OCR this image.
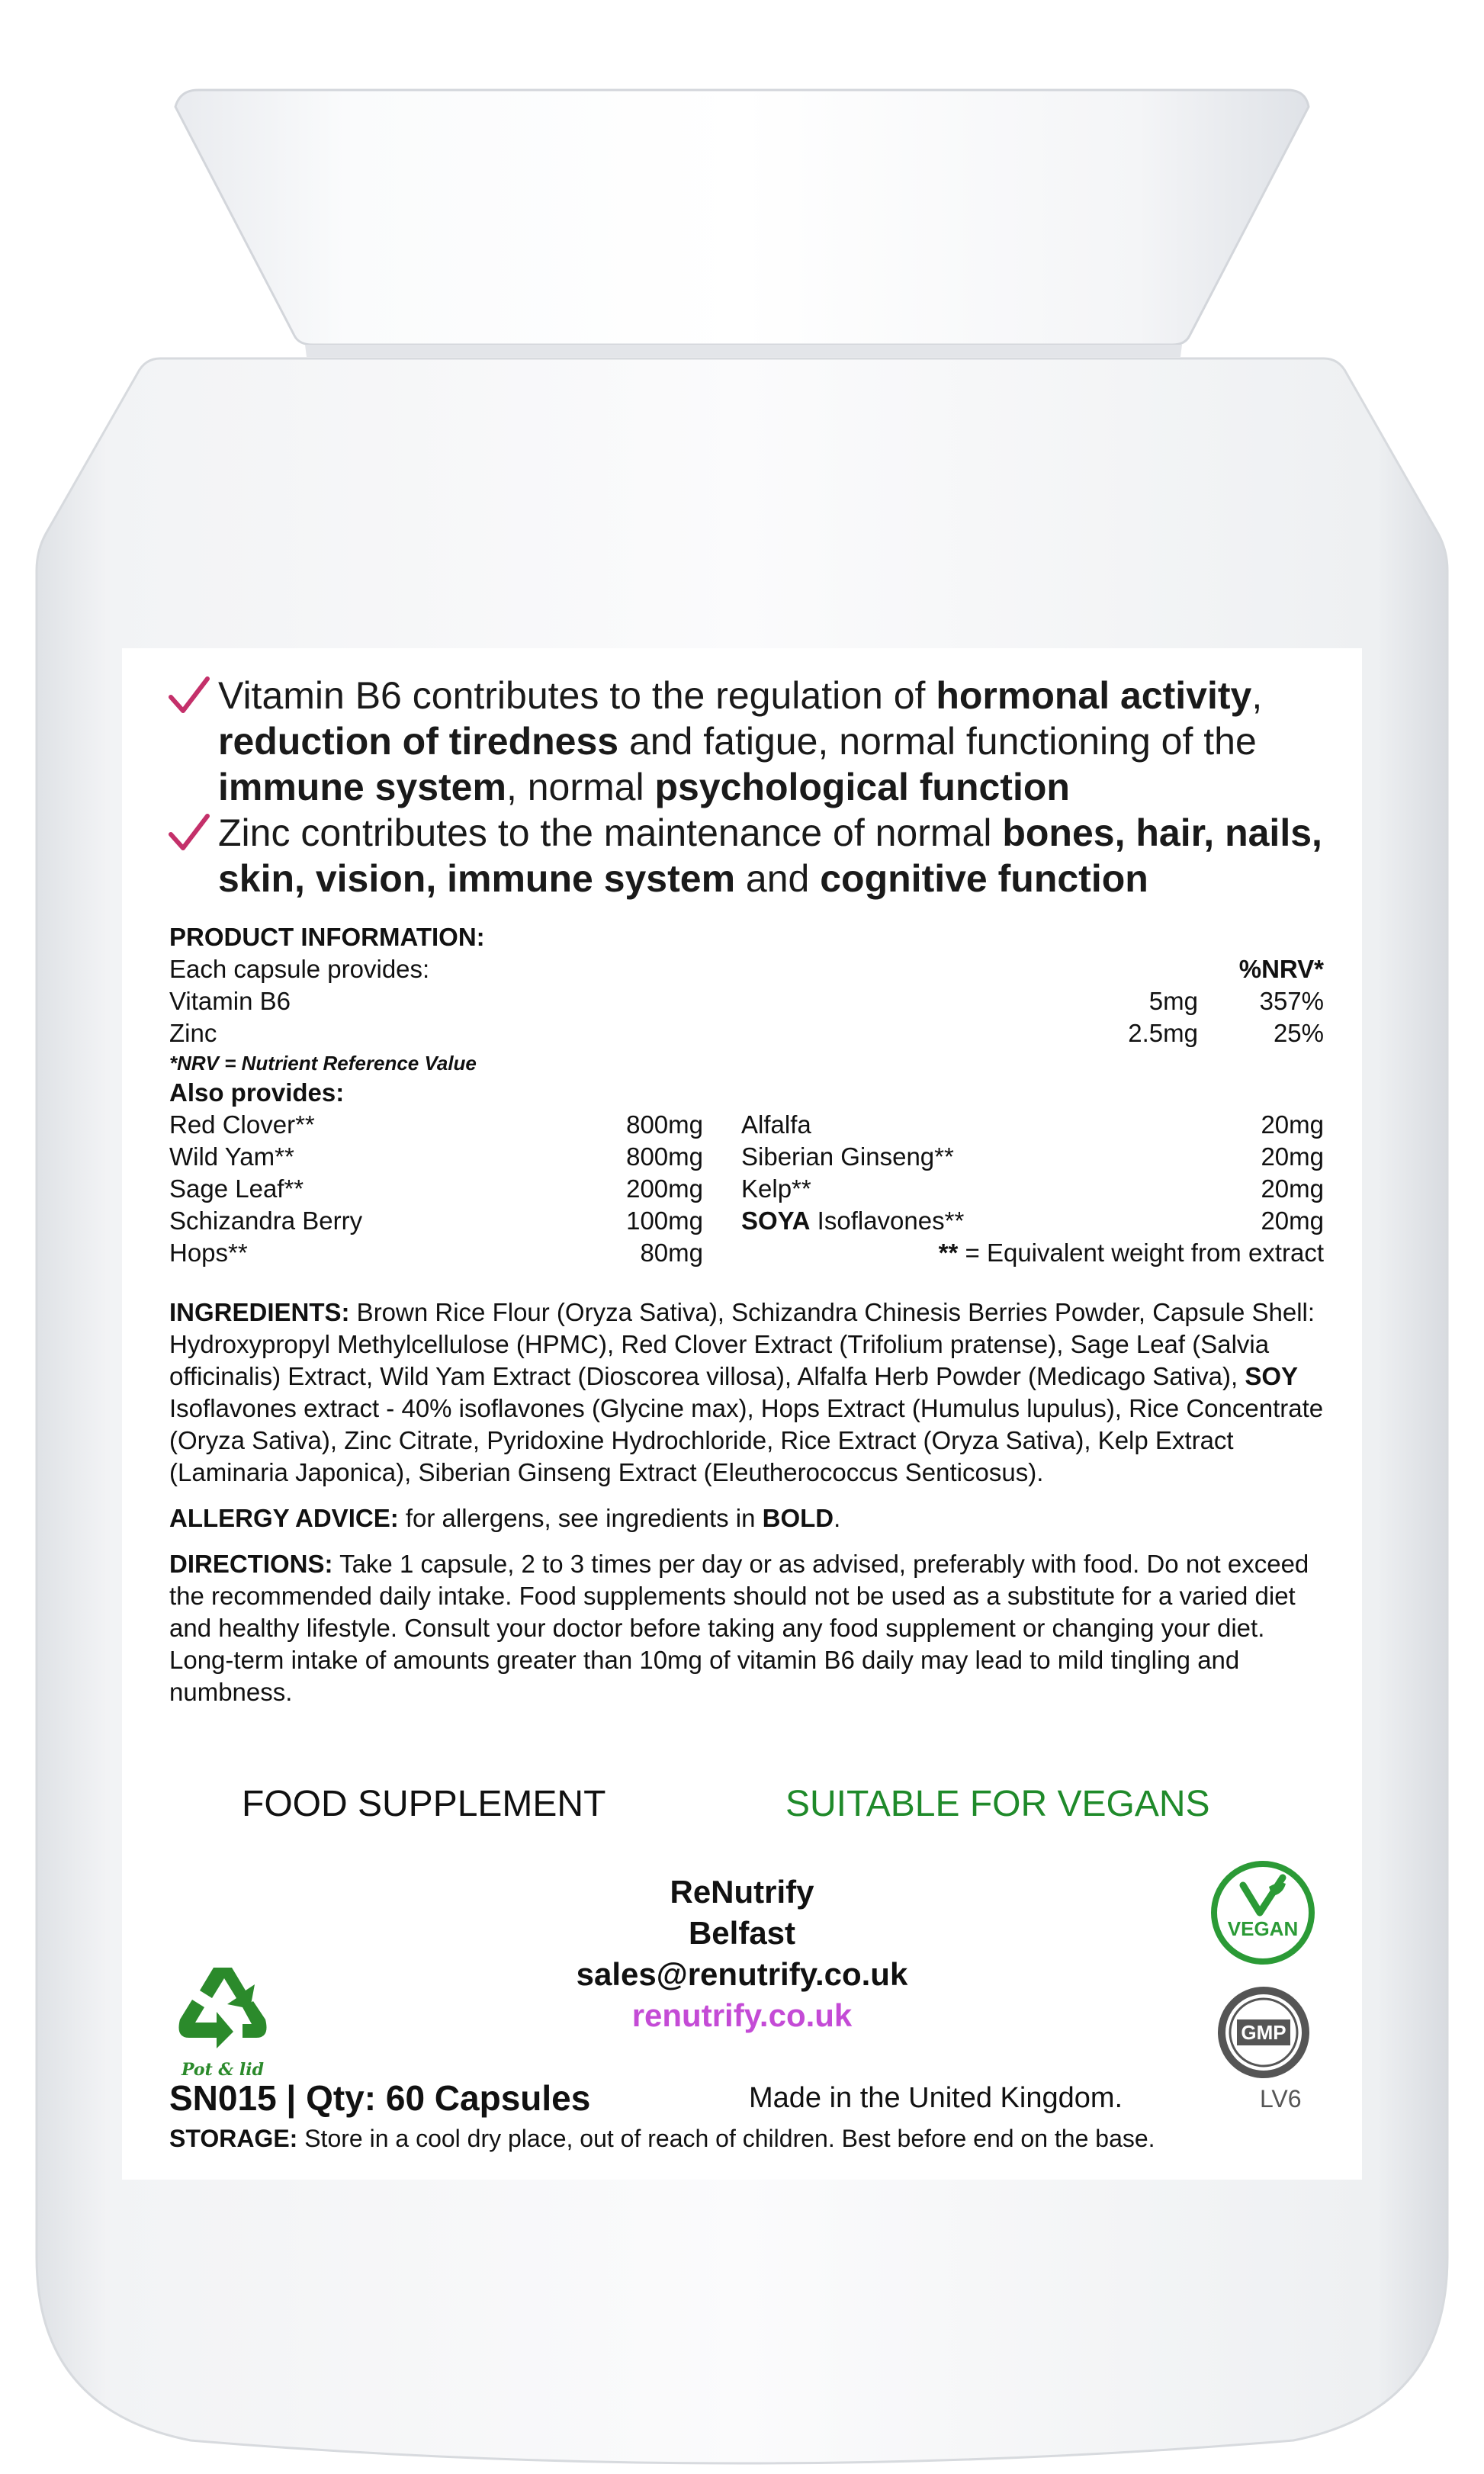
Vitamin B6 contributes to the regulation of hormonal activity, reduction of tiredness and fatigue, normal functioning of the immune system, normal psychological function
Zinc contributes to the maintenance of normal bones, hair, nails, skin, vision, immune system and cognitive function
PRODUCT INFORMATION:
Each capsule provides:	%NRV*
Vitamin B6	5mg	357%
Zinc	2.5mg	25%
*NRV = Nutrient Reference Value
Also provides:
Red Clover**	800mg
Wild Yam**	800mg
Sage Leaf**	200mg
Schizandra Berry	100mg
Hops**	80mg
Alfalfa	20mg
Siberian Ginseng**	20mg
Kelp**	20mg
SOYA Isoflavones**	20mg
** = Equivalent weight from extract
INGREDIENTS: Brown Rice Flour (Oryza Sativa), Schizandra Chinesis Berries Powder, Capsule Shell: Hydroxypropyl Methylcellulose (HPMC), Red Clover Extract (Trifolium pratense), Sage Leaf (Salvia officinalis) Extract, Wild Yam Extract (Dioscorea villosa), Alfalfa Herb Powder (Medicago Sativa), SOY Isoflavones extract - 40% isoflavones (Glycine max), Hops Extract (Humulus lupulus), Rice Concentrate (Oryza Sativa), Zinc Citrate, Pyridoxine Hydrochloride, Rice Extract (Oryza Sativa), Kelp Extract (Laminaria Japonica), Siberian Ginseng Extract (Eleutherococcus Senticosus).
ALLERGY ADVICE: for allergens, see ingredients in BOLD.
DIRECTIONS: Take 1 capsule, 2 to 3 times per day or as advised, preferably with food. Do not exceed the recommended daily intake. Food supplements should not be used as a substitute for a varied diet and healthy lifestyle. Consult your doctor before taking any food supplement or changing your diet.
Long-term intake of amounts greater than 10mg of vitamin B6 daily may lead to mild tingling and numbness.
FOOD SUPPLEMENT	SUITABLE FOR VEGANS
ReNutrify
Belfast
sales@renutrify.co.uk
renutrify.co.uk
Pot & lid
VEGAN
GMP
SN015 | Qty: 60 Capsules	Made in the United Kingdom.	LV6
STORAGE: Store in a cool dry place, out of reach of children. Best before end on the base.
